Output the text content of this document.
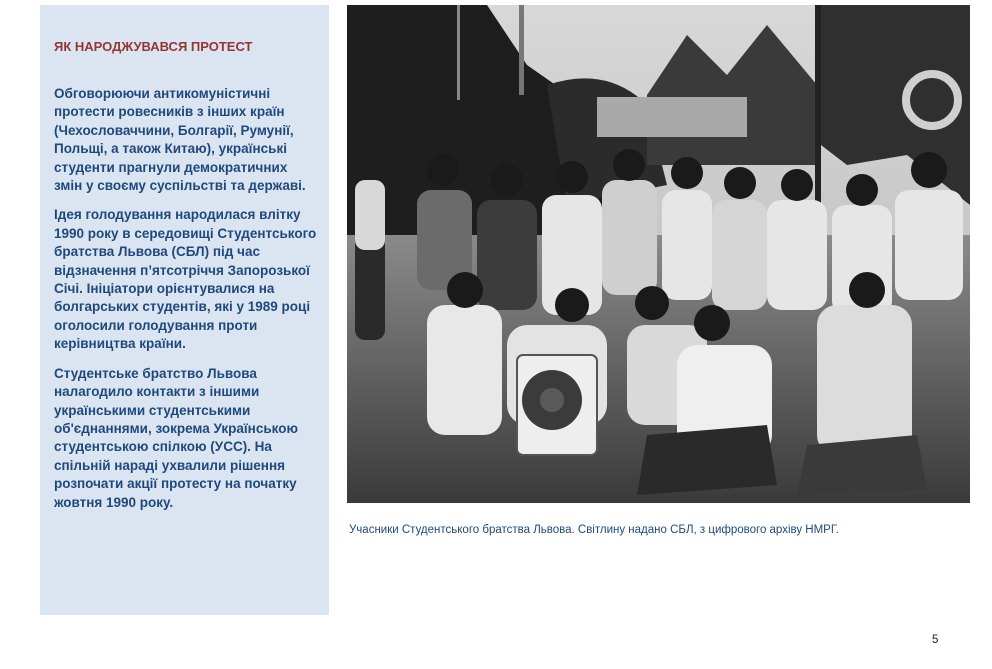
ЯК НАРОДЖУВАВСЯ ПРОТЕСТ

Обговорюючи антикомуністичні протести ровесників з інших країн (Чехословаччини, Болгарії, Румунії, Польщі, а також Китаю), українські студенти прагнули демократичних змін у своєму суспільстві та державі.

Ідея голодування народилася влітку 1990 року в середовищі Студентського братства Львова (СБЛ) під час відзначення п’ятсотріччя Запорозької Січі. Ініціатори орієнтувалися на болгарських студентів, які у 1989 році оголосили голодування проти керівництва країни.

Студентське братство Львова налагодило контакти з іншими українськими студентськими об'єднаннями, зокрема Українською студентською спілкою (УСС). На спільній нараді ухвалили рішення розпочати акції протесту на початку жовтня 1990 року.

Учасники Студентського братства Львова. Світлину надано СБЛ, з цифрового архіву НМРГ.
5
